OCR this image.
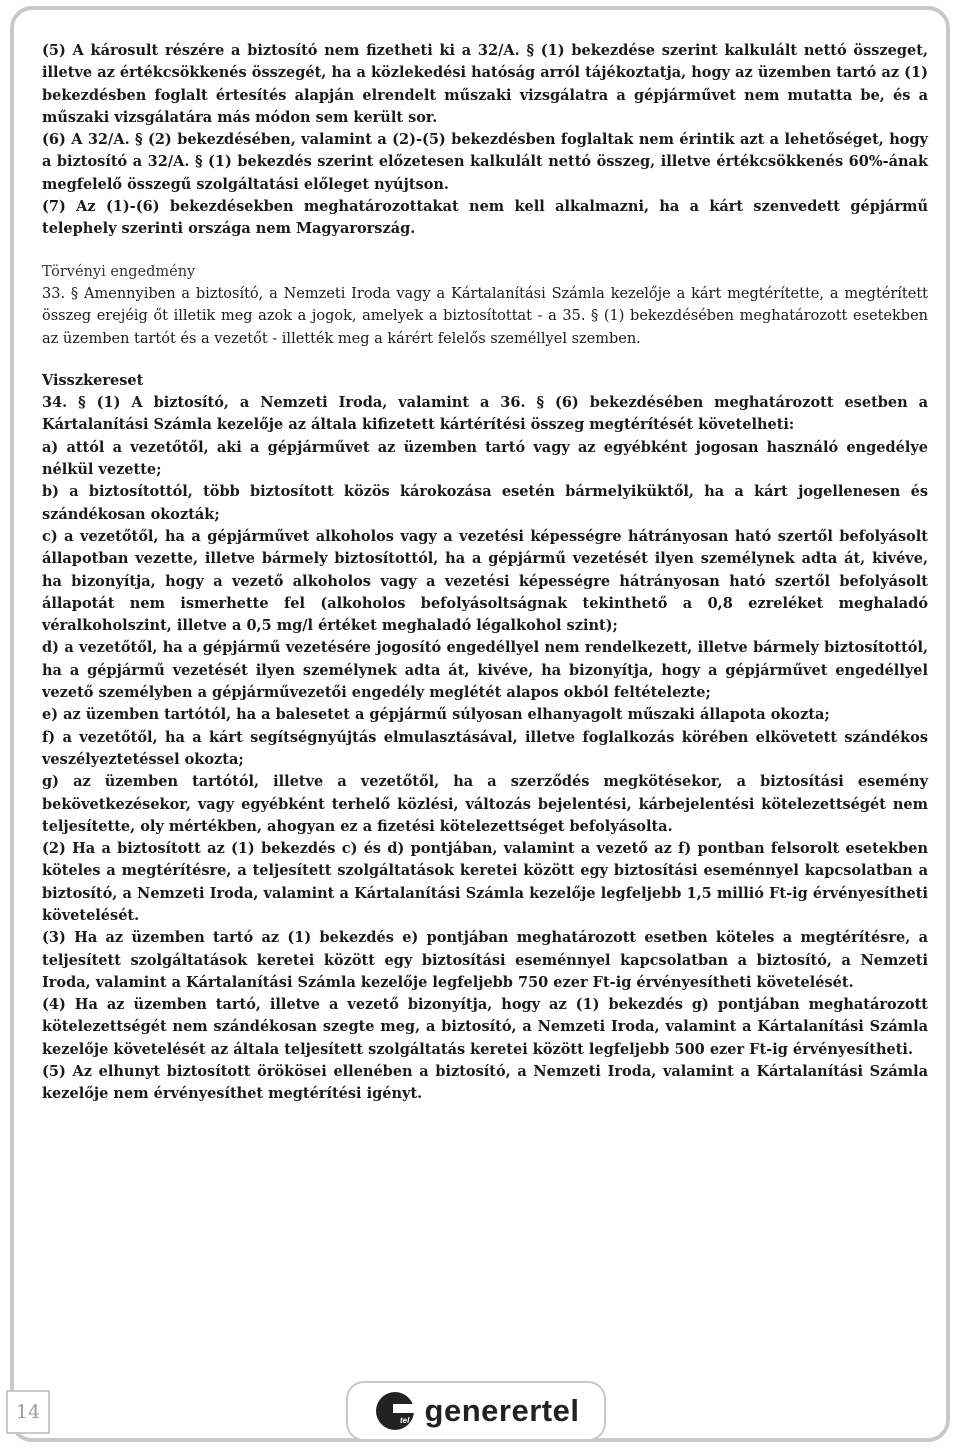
(5) A károsult részére a biztosító nem fizetheti ki a 32/A. § (1) bekezdése szerint kalkulált nettó összeget, illetve az értékcsökkenés összegét, ha a közlekedési hatóság arról tájékoztatja, hogy az üzemben tartó az (1) bekezdésben foglalt értesítés alapján elrendelt műszaki vizsgálatra a gépjárművet nem mutatta be, és a műszaki vizsgálatára más módon sem került sor.

(6) A 32/A. § (2) bekezdésében, valamint a (2)-(5) bekezdésben foglaltak nem érintik azt a lehetőséget, hogy a biztosító a 32/A. § (1) bekezdés szerint előzetesen kalkulált nettó összeg, illetve értékcsökkenés 60%-ának megfelelő összegű szolgáltatási előleget nyújtson.

(7) Az (1)-(6) bekezdésekben meghatározottakat nem kell alkalmazni, ha a kárt szenvedett gépjármű telephely szerinti országa nem Magyarország.

Törvényi engedmény

33. § Amennyiben a biztosító, a Nemzeti Iroda vagy a Kártalanítási Számla kezelője a kárt megtérítette, a megtérített összeg erejéig őt illetik meg azok a jogok, amelyek a biztosítottat - a 35. § (1) bekezdésében meghatározott esetekben az üzemben tartót és a vezetőt - illették meg a kárért felelős személlyel szemben.

Visszkereset

34. § (1) A biztosító, a Nemzeti Iroda, valamint a 36. § (6) bekezdésében meghatározott esetben a Kártalanítási Számla kezelője az általa kifizetett kártérítési összeg megtérítését követelheti:

a) attól a vezetőtől, aki a gépjárművet az üzemben tartó vagy az egyébként jogosan használó engedélye nélkül vezette;

b) a biztosítottól, több biztosított közös károkozása esetén bármelyiküktől, ha a kárt jogellenesen és szándékosan okozták;

c) a vezetőtől, ha a gépjárművet alkoholos vagy a vezetési képességre hátrányosan ható szertől befolyásolt állapotban vezette, illetve bármely biztosítottól, ha a gépjármű vezetését ilyen személynek adta át, kivéve, ha bizonyítja, hogy a vezető alkoholos vagy a vezetési képességre hátrányosan ható szertől befolyásolt állapotát nem ismerhette fel (alkoholos befolyásoltságnak tekinthető a 0,8 ezreléket meghaladó véralkoholszint, illetve a 0,5 mg/l értéket meghaladó légalkohol szint);

d) a vezetőtől, ha a gépjármű vezetésére jogosító engedéllyel nem rendelkezett, illetve bármely biztosítottól, ha a gépjármű vezetését ilyen személynek adta át, kivéve, ha bizonyítja, hogy a gépjárművet engedéllyel vezető személyben a gépjárművezetői engedély meglétét alapos okból feltételezte;

e) az üzemben tartótól, ha a balesetet a gépjármű súlyosan elhanyagolt műszaki állapota okozta;

f) a vezetőtől, ha a kárt segítségnyújtás elmulasztásával, illetve foglalkozás körében elkövetett szándékos veszélyeztetéssel okozta;

g) az üzemben tartótól, illetve a vezetőtől, ha a szerződés megkötésekor, a biztosítási esemény bekövetkezésekor, vagy egyébként terhelő közlési, változás bejelentési, kárbejelentési kötelezettségét nem teljesítette, oly mértékben, ahogyan ez a fizetési kötelezettséget befolyásolta.

(2) Ha a biztosított az (1) bekezdés c) és d) pontjában, valamint a vezető az f) pontban felsorolt esetekben köteles a megtérítésre, a teljesített szolgáltatások keretei között egy biztosítási eseménnyel kapcsolatban a biztosító, a Nemzeti Iroda, valamint a Kártalanítási Számla kezelője legfeljebb 1,5 millió Ft-ig érvényesítheti követelését.

(3) Ha az üzemben tartó az (1) bekezdés e) pontjában meghatározott esetben köteles a megtérítésre, a teljesített szolgáltatások keretei között egy biztosítási eseménnyel kapcsolatban a biztosító, a Nemzeti Iroda, valamint a Kártalanítási Számla kezelője legfeljebb 750 ezer Ft-ig érvényesítheti követelését.

(4) Ha az üzemben tartó, illetve a vezető bizonyítja, hogy az (1) bekezdés g) pontjában meghatározott kötelezettségét nem szándékosan szegte meg, a biztosító, a Nemzeti Iroda, valamint a Kártalanítási Számla kezelője követelését az általa teljesített szolgáltatás keretei között legfeljebb 500 ezer Ft-ig érvényesítheti.

(5) Az elhunyt biztosított örökösei ellenében a biztosító, a Nemzeti Iroda, valamint a Kártalanítási Számla kezelője nem érvényesíthet megtérítési igényt.

14	tel generertel
